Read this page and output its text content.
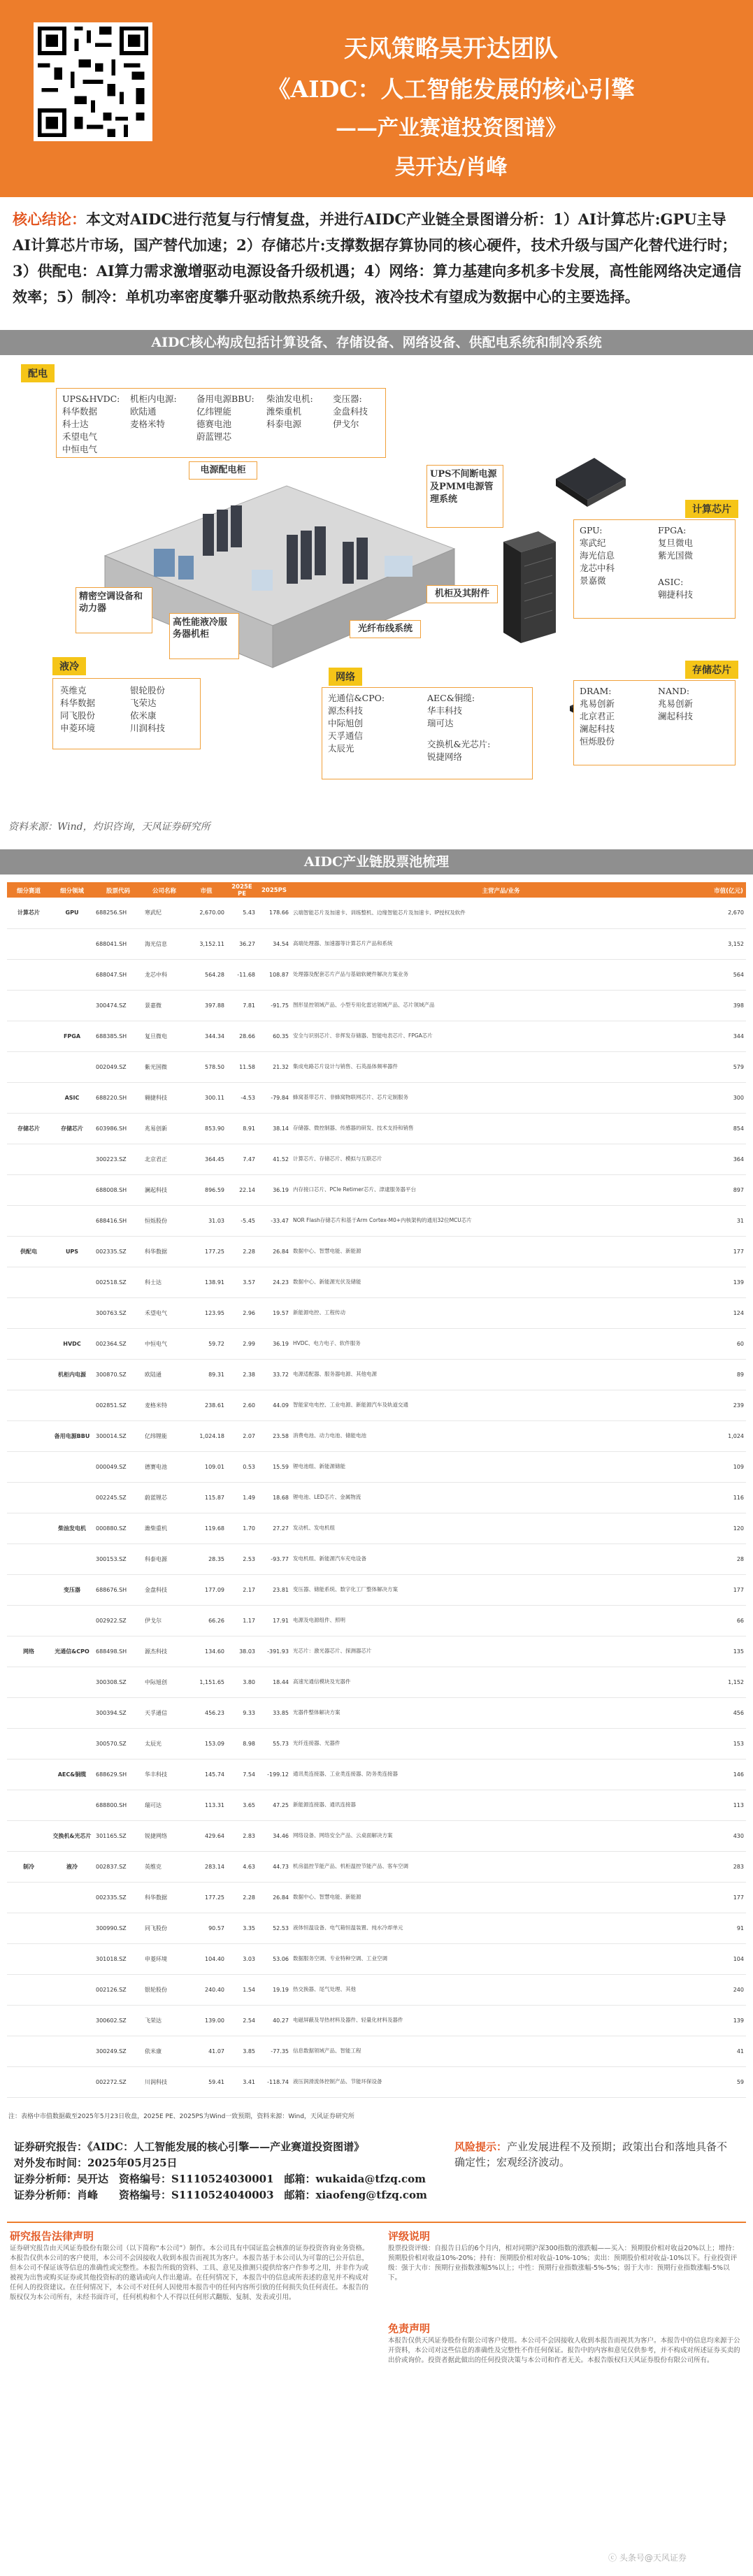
天风策略吴开达团队
《AIDC：人工智能发展的核心引擎
——产业赛道投资图谱》
吴开达/肖峰
核心结论：本文对AIDC进行范复与行情复盘，并进行AIDC产业链全景图谱分析：1）AI计算芯片:GPU主导AI计算芯片市场，国产替代加速；2）存储芯片:支撑数据存算协同的核心硬件，技术升级与国产化替代进行时；3）供配电：AI算力需求激增驱动电源设备升级机遇；4）网络：算力基建向多机多卡发展，高性能网络决定通信效率；5）制冷：单机功率密度攀升驱动散热系统升级，液冷技术有望成为数据中心的主要选择。
AIDC核心构成包括计算设备、存储设备、网络设备、供配电系统和制冷系统
配电
UPS&HVDC:
科华数据
科士达
禾望电气
中恒电气
机柜内电源:
欧陆通
麦格米特
备用电源BBU:
亿纬锂能
德赛电池
蔚蓝锂芯
柴油发电机:
潍柴重机
科泰电源
变压器:
金盘科技
伊戈尔
电源配电柜	UPS不间断电源及PMM电源管理系统
精密空调设备和动力器
高性能液冷服务器机柜
机柜及其附件
光纤布线系统
计算芯片
GPU:
寒武纪
海光信息
龙芯中科
景嘉微
FPGA:
复旦微电
紫光国微
ASIC:
翱捷科技
液冷
英维克
科华数据
同飞股份
申菱环境
银轮股份
飞荣达
依米康
川润科技
网络
光通信&CPO:
源杰科技
中际旭创
天孚通信
太辰光
AEC&铜缆:
华丰科技
瑞可达
交换机&光芯片:
锐捷网络
存储芯片
DRAM:
兆易创新
北京君正
澜起科技
恒烁股份
NAND:
兆易创新
澜起科技
资料来源：Wind，灼识咨询，天风证券研究所
AIDC产业链股票池梳理
细分赛道	细分领域	股票代码	公司名称	市值	2025E PE	2025PS	主营产品/业务	市值(亿元)
计算芯片	GPU	688256.SH	寒武纪	2,670.00	5.43	178.66	云端智能芯片及加速卡、训练整机、边缘智能芯片及加速卡、IP授权及软件	2,670
		688041.SH	海光信息	3,152.11	36.27	34.54	高端处理器、加速器等计算芯片产品和系统	3,152
		688047.SH	龙芯中科	564.28	-11.68	108.87	处理器及配套芯片产品与基础软硬件解决方案业务	564
		300474.SZ	景嘉微	397.88	7.81	-91.75	图形显控领域产品、小型专用化雷达领域产品、芯片领域产品	398
	FPGA	688385.SH	复旦微电	344.34	28.66	60.35	安全与识别芯片、非挥发存储器、智能电表芯片、FPGA芯片	344
		002049.SZ	紫光国微	578.50	11.58	21.32	集成电路芯片设计与销售、石英晶体频率器件	579
	ASIC	688220.SH	翱捷科技	300.11	-4.53	-79.84	蜂窝基带芯片、非蜂窝物联网芯片、芯片定制服务	300
存储芯片	存储芯片	603986.SH	兆易创新	853.90	8.91	38.14	存储器、微控制器、传感器的研发、技术支持和销售	854
		300223.SZ	北京君正	364.45	7.47	41.52	计算芯片、存储芯片、模拟与互联芯片	364
		688008.SH	澜起科技	896.59	22.14	36.19	内存接口芯片、PCIe Retimer芯片、津逮服务器平台	897
		688416.SH	恒烁股份	31.03	-5.45	-33.47	NOR Flash存储芯片和基于Arm Cortex-M0+内核架构的通用32位MCU芯片	31
供配电	UPS	002335.SZ	科华数据	177.25	2.28	26.84	数据中心、智慧电能、新能源	177
		002518.SZ	科士达	138.91	3.57	24.23	数据中心、新能源光伏及储能	139
		300763.SZ	禾望电气	123.95	2.96	19.57	新能源电控、工程传动	124
	HVDC	002364.SZ	中恒电气	59.72	2.99	36.19	HVDC、电力电子、软件服务	60
	机柜内电源	300870.SZ	欧陆通	89.31	2.38	33.72	电源适配器、服务器电源、其他电源	89
		002851.SZ	麦格米特	238.61	2.60	44.09	智能家电电控、工业电源、新能源汽车及轨道交通	239
	备用电源BBU	300014.SZ	亿纬锂能	1,024.18	2.07	23.58	消费电池、动力电池、储能电池	1,024
		000049.SZ	德赛电池	109.01	0.53	15.59	锂电池组、新能源储能	109
		002245.SZ	蔚蓝锂芯	115.87	1.49	18.68	锂电池、LED芯片、金属物流	116
	柴油发电机	000880.SZ	潍柴重机	119.68	1.70	27.27	发动机、发电机组	120
		300153.SZ	科泰电源	28.35	2.53	-93.77	发电机组、新能源汽车充电设备	28
	变压器	688676.SH	金盘科技	177.09	2.17	23.81	变压器、储能系统、数字化工厂整体解决方案	177
		002922.SZ	伊戈尔	66.26	1.17	17.91	电源及电源组件、照明	66
网络	光通信&CPO	688498.SH	源杰科技	134.60	38.03	-391.93	光芯片：激光器芯片、探测器芯片	135
		300308.SZ	中际旭创	1,151.65	3.80	18.44	高速光通信模块及光器件	1,152
		300394.SZ	天孚通信	456.23	9.33	33.85	光器件整体解决方案	456
		300570.SZ	太辰光	153.09	8.98	55.73	光纤连接器、光器件	153
	AEC&铜缆	688629.SH	华丰科技	145.74	7.54	-199.12	通讯类连接器、工业类连接器、防务类连接器	146
		688800.SH	瑞可达	113.31	3.65	47.25	新能源连接器、通讯连接器	113
	交换机&光芯片	301165.SZ	锐捷网络	429.64	2.83	34.46	网络设备、网络安全产品、云桌面解决方案	430
制冷	液冷	002837.SZ	英维克	283.14	4.63	44.73	机房温控节能产品、机柜温控节能产品、客车空调	283
		002335.SZ	科华数据	177.25	2.28	26.84	数据中心、智慧电能、新能源	177
		300990.SZ	同飞股份	90.57	3.35	52.53	液体恒温设备、电气箱恒温装置、纯水冷却单元	91
		301018.SZ	申菱环境	104.40	3.03	53.06	数据服务空调、专业特种空调、工业空调	104
		002126.SZ	银轮股份	240.40	1.54	19.19	热交换器、尾气处理、其他	240
		300602.SZ	飞荣达	139.00	2.54	40.27	电磁屏蔽及导热材料及器件、轻量化材料及器件	139
		300249.SZ	依米康	41.07	3.85	-77.35	信息数据领域产品、智能工程	41
		002272.SZ	川润科技	59.41	3.41	-118.74	液压润滑流体控制产品、节能环保设备	59
注：表格中市值数据截至2025年5月23日收盘，2025E PE、2025PS为Wind一致预期，资料来源：Wind，天风证券研究所
证券研究报告：《AIDC：人工智能发展的核心引擎——产业赛道投资图谱》
对外发布时间：2025年05月25日
证券分析师：吴开达　资格编号：S1110524030001　邮箱：wukaida@tfzq.com
证券分析师：肖峰　　资格编号：S1110524040003　邮箱：xiaofeng@tfzq.com
风险提示：产业发展进程不及预期；政策出台和落地具备不确定性；宏观经济波动。
研究报告法律声明
证券研究报告由天风证券股份有限公司（以下简称“本公司”）制作。本公司具有中国证监会核准的证券投资咨询业务资格。本报告仅供本公司的客户使用，本公司不会因接收人收到本报告而视其为客户。本报告基于本公司认为可靠的已公开信息，但本公司不保证该等信息的准确性或完整性。本报告所载的资料、工具、意见及推测只提供给客户作参考之用，并非作为或被视为出售或购买证券或其他投资标的的邀请或向人作出邀请。在任何情况下，本报告中的信息或所表述的意见并不构成对任何人的投资建议。在任何情况下，本公司不对任何人因使用本报告中的任何内容所引致的任何损失负任何责任。本报告的版权仅为本公司所有，未经书面许可，任何机构和个人不得以任何形式翻版、复制、发表或引用。
评级说明
股票投资评级：自报告日后的6个月内，相对同期沪深300指数的涨跌幅——买入：预期股价相对收益20%以上；增持：预期股价相对收益10%-20%；持有：预期股价相对收益-10%-10%；卖出：预期股价相对收益-10%以下。行业投资评级：强于大市：预期行业指数涨幅5%以上；中性：预期行业指数涨幅-5%-5%；弱于大市：预期行业指数涨幅-5%以下。
免责声明
本报告仅供天风证券股份有限公司客户使用。本公司不会因接收人收到本报告而视其为客户。本报告中的信息均来源于公开资料，本公司对这些信息的准确性及完整性不作任何保证。报告中的内容和意见仅供参考，并不构成对所述证券买卖的出价或询价。投资者据此做出的任何投资决策与本公司和作者无关。本报告版权归天风证券股份有限公司所有。
ⓒ 头条号@天风证券
